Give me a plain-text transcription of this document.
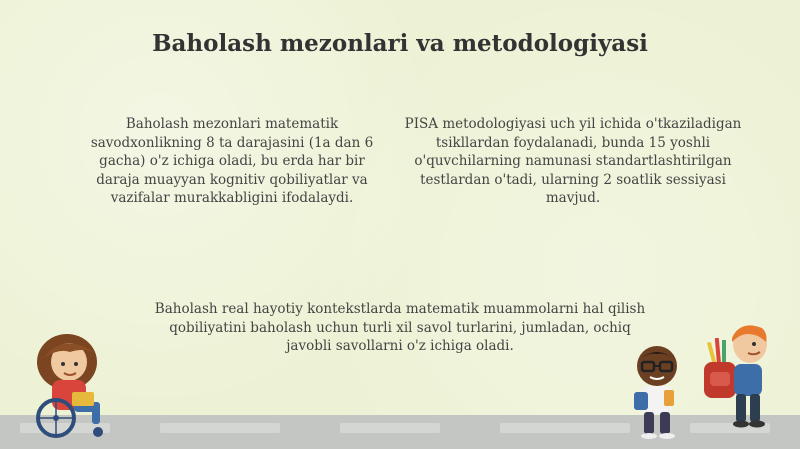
Baholash mezonlari va metodologiyasi
Baholash mezonlari matematik savodxonlikning 8 ta darajasini (1a dan 6 gacha) o'z ichiga oladi, bu erda har bir daraja muayyan kognitiv qobiliyatlar va vazifalar murakkabligini ifodalaydi.
PISA metodologiyasi uch yil ichida o'tkaziladigan tsikllardan foydalanadi, bunda 15 yoshli o'quvchilarning namunasi standartlashtirilgan testlardan o'tadi, ularning 2 soatlik sessiyasi mavjud.
Baholash real hayotiy kontekstlarda matematik muammolarni hal qilish qobiliyatini baholash uchun turli xil savol turlarini, jumladan, ochiq javobli savollarni o'z ichiga oladi.
